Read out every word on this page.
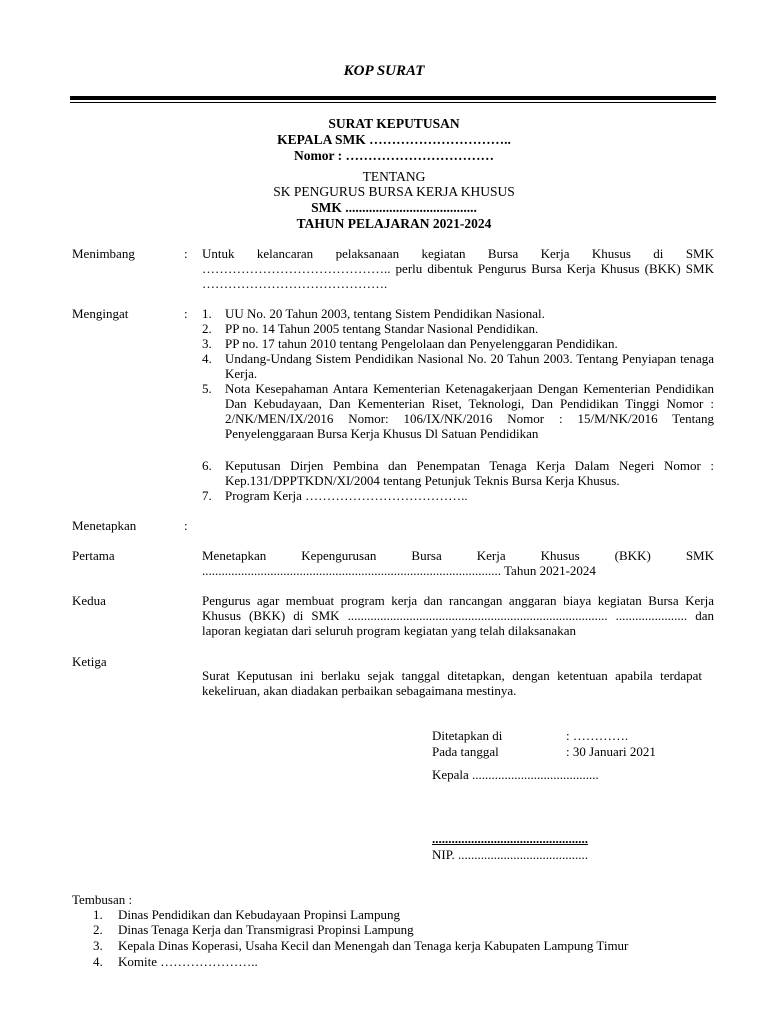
KOP SURAT
SURAT KEPUTUSAN
KEPALA SMK …………………………..
Nomor : ……………………………
TENTANG
SK PENGURUS BURSA KERJA KHUSUS
SMK .......................................
TAHUN PELAJARAN 2021-2024
Menimbang	: Untuk kelancaran pelaksanaan kegiatan Bursa Kerja Khusus di SMK …………………………………….. perlu dibentuk Pengurus Bursa Kerja Khusus (BKK) SMK …………………………………….
Mengingat	: 1.	UU No. 20 Tahun 2003, tentang Sistem Pendidikan Nasional.
2.	PP no. 14 Tahun 2005 tentang Standar Nasional Pendidikan.
3.	PP no. 17 tahun 2010 tentang Pengelolaan dan Penyelenggaran Pendidikan.
4.	Undang-Undang Sistem Pendidikan Nasional No. 20 Tahun 2003. Tentang Penyiapan tenaga Kerja.
5.	Nota Kesepahaman Antara Kementerian Ketenagakerjaan Dengan Kementerian Pendidikan Dan Kebudayaan, Dan Kementerian Riset, Teknologi, Dan Pendidikan Tinggi Nomor : 2/NK/MEN/IX/2016 Nomor: 106/IX/NK/2016 Nomor : 15/M/NK/2016 Tentang Penyelenggaraan Bursa Kerja Khusus Dl Satuan Pendidikan
6.	Keputusan Dirjen Pembina dan Penempatan Tenaga Kerja Dalam Negeri Nomor : Kep.131/DPPTKDN/XI/2004 tentang Petunjuk Teknis Bursa Kerja Khusus.
7.	Program Kerja ………………………………..
Menetapkan	:
Pertama	Menetapkan Kepengurusan Bursa Kerja Khusus (BKK) SMK ............................................................................................ Tahun 2021-2024
Kedua	Pengurus agar membuat program kerja dan rancangan anggaran biaya kegiatan Bursa Kerja Khusus (BKK) di SMK ................................................................................ ...................... dan laporan kegiatan dari seluruh program kegiatan yang telah dilaksanakan
Ketiga
Surat Keputusan ini berlaku sejak tanggal ditetapkan, dengan ketentuan apabila terdapat kekeliruan, akan diadakan perbaikan sebagaimana mestinya.
Ditetapkan di	: ………….
Pada tanggal	: 30 Januari 2021
Kepala .......................................
................................................
NIP. ........................................
Tembusan :
1.	Dinas Pendidikan dan Kebudayaan Propinsi Lampung
2.	Dinas Tenaga Kerja dan Transmigrasi Propinsi Lampung
3.	Kepala Dinas Koperasi, Usaha Kecil dan Menengah dan Tenaga kerja Kabupaten Lampung Timur
4.	Komite …………………..
